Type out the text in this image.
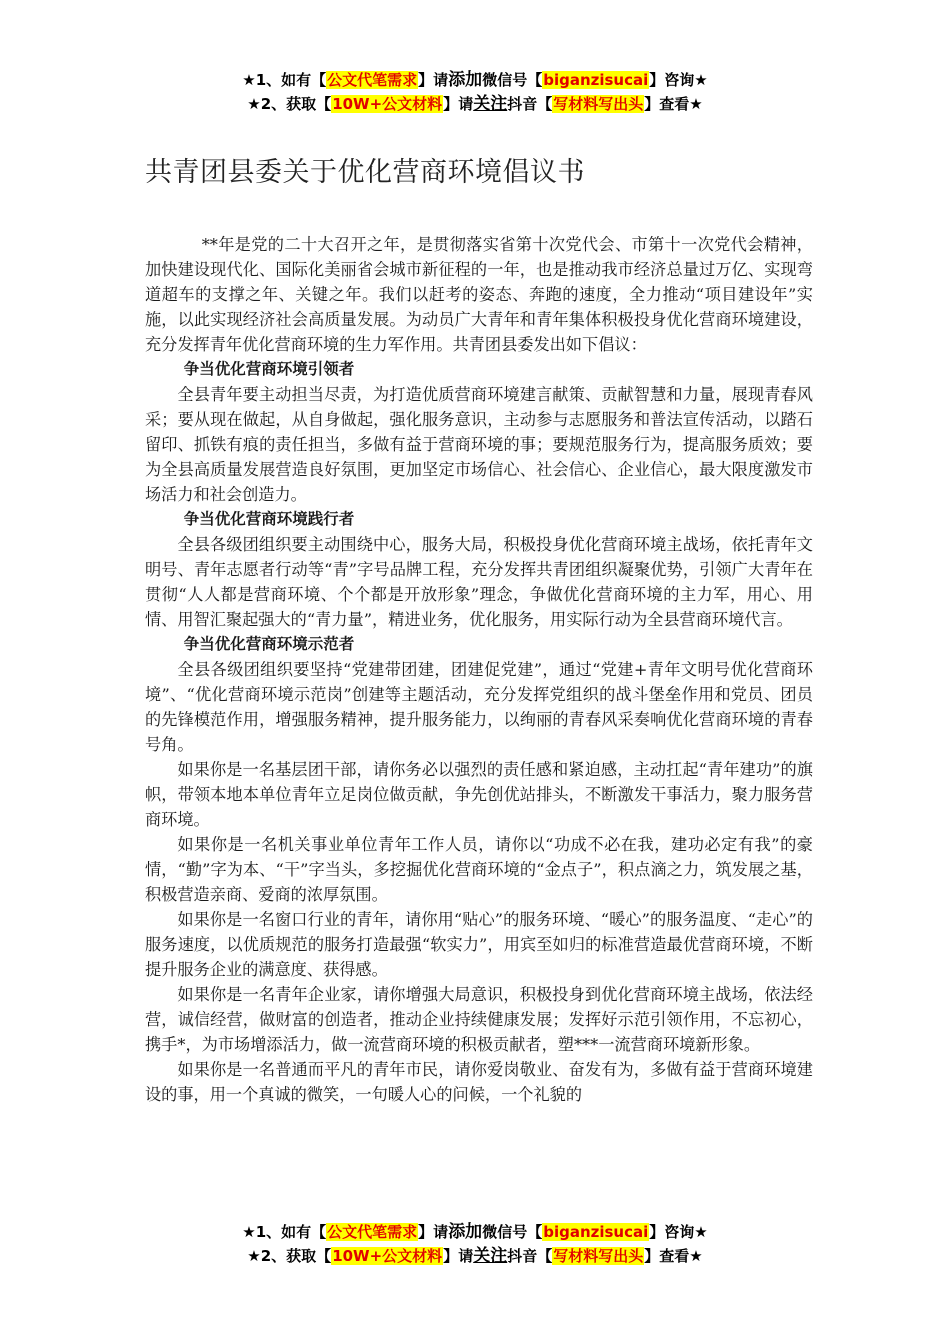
★1、如有【公文代笔需求】请添加微信号【biganzisucai】咨询★
★2、获取【10W+公文材料】请关注抖音【写材料写出头】查看★
共青团县委关于优化营商环境倡议书

**年是党的二十大召开之年，是贯彻落实省第十次党代会、市第十一次党代会精神，加快建设现代化、国际化美丽省会城市新征程的一年，也是推动我市经济总量过万亿、实现弯道超车的支撑之年、关键之年。我们以赶考的姿态、奔跑的速度，全力推动“项目建设年”实施，以此实现经济社会高质量发展。为动员广大青年和青年集体积极投身优化营商环境建设，充分发挥青年优化营商环境的生力军作用。共青团县委发出如下倡议：

争当优化营商环境引领者

全县青年要主动担当尽责，为打造优质营商环境建言献策、贡献智慧和力量，展现青春风采；要从现在做起，从自身做起，强化服务意识，主动参与志愿服务和普法宣传活动，以踏石留印、抓铁有痕的责任担当，多做有益于营商环境的事；要规范服务行为，提高服务质效；要为全县高质量发展营造良好氛围，更加坚定市场信心、社会信心、企业信心，最大限度激发市场活力和社会创造力。

争当优化营商环境践行者

全县各级团组织要主动围绕中心，服务大局，积极投身优化营商环境主战场，依托青年文明号、青年志愿者行动等“青”字号品牌工程，充分发挥共青团组织凝聚优势，引领广大青年在贯彻“人人都是营商环境、个个都是开放形象”理念，争做优化营商环境的主力军，用心、用情、用智汇聚起强大的“青力量”，精进业务，优化服务，用实际行动为全县营商环境代言。

争当优化营商环境示范者

全县各级团组织要坚持“党建带团建，团建促党建”，通过“党建+青年文明号优化营商环境”、“优化营商环境示范岗”创建等主题活动，充分发挥党组织的战斗堡垒作用和党员、团员的先锋模范作用，增强服务精神，提升服务能力，以绚丽的青春风采奏响优化营商环境的青春号角。

如果你是一名基层团干部，请你务必以强烈的责任感和紧迫感，主动扛起“青年建功”的旗帜，带领本地本单位青年立足岗位做贡献，争先创优站排头，不断激发干事活力，聚力服务营商环境。

如果你是一名机关事业单位青年工作人员，请你以“功成不必在我，建功必定有我”的豪情，“勤”字为本、“干”字当头，多挖掘优化营商环境的“金点子”，积点滴之力，筑发展之基，积极营造亲商、爱商的浓厚氛围。

如果你是一名窗口行业的青年，请你用“贴心”的服务环境、“暖心”的服务温度、“走心”的服务速度，以优质规范的服务打造最强“软实力”，用宾至如归的标准营造最优营商环境，不断提升服务企业的满意度、获得感。

如果你是一名青年企业家，请你增强大局意识，积极投身到优化营商环境主战场，依法经营，诚信经营，做财富的创造者，推动企业持续健康发展；发挥好示范引领作用，不忘初心，携手*，为市场增添活力，做一流营商环境的积极贡献者，塑***一流营商环境新形象。

如果你是一名普通而平凡的青年市民，请你爱岗敬业、奋发有为，多做有益于营商环境建设的事，用一个真诚的微笑，一句暖人心的问候，一个礼貌的

★1、如有【公文代笔需求】请添加微信号【biganzisucai】咨询★
★2、获取【10W+公文材料】请关注抖音【写材料写出头】查看★
